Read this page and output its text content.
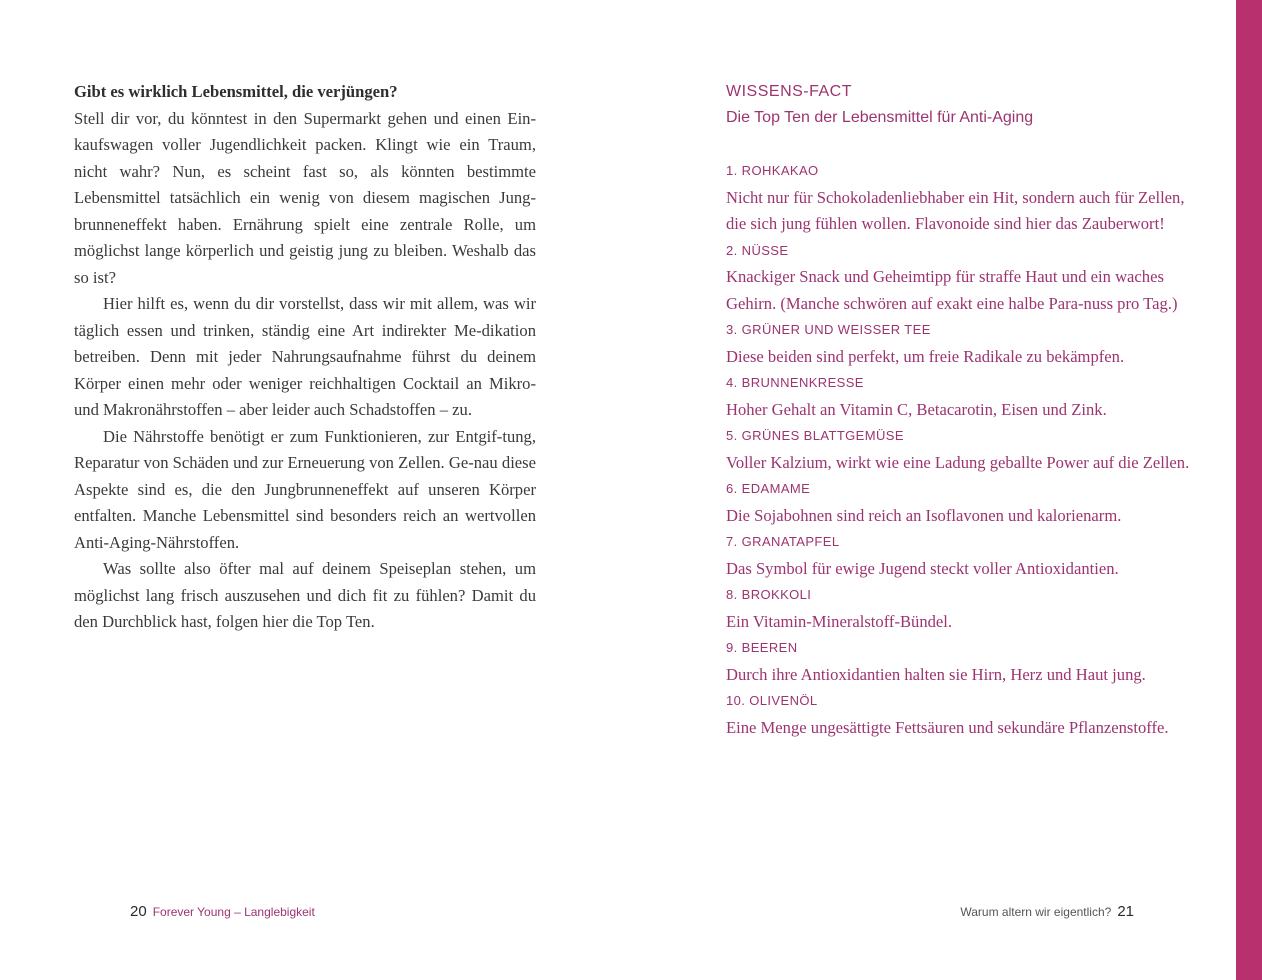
Gibt es wirklich Lebensmittel, die verjüngen?

Stell dir vor, du könntest in den Supermarkt gehen und einen Ein-kaufswagen voller Jugendlichkeit packen. Klingt wie ein Traum, nicht wahr? Nun, es scheint fast so, als könnten bestimmte Lebensmittel tatsächlich ein wenig von diesem magischen Jung-brunneneffekt haben. Ernährung spielt eine zentrale Rolle, um möglichst lange körperlich und geistig jung zu bleiben. Weshalb das so ist?

Hier hilft es, wenn du dir vorstellst, dass wir mit allem, was wir täglich essen und trinken, ständig eine Art indirekter Me-dikation betreiben. Denn mit jeder Nahrungsaufnahme führst du deinem Körper einen mehr oder weniger reichhaltigen Cocktail an Mikro- und Makronährstoffen – aber leider auch Schadstoffen – zu.

Die Nährstoffe benötigt er zum Funktionieren, zur Entgif-tung, Reparatur von Schäden und zur Erneuerung von Zellen. Ge-nau diese Aspekte sind es, die den Jungbrunneneffekt auf unseren Körper entfalten. Manche Lebensmittel sind besonders reich an wertvollen Anti-Aging-Nährstoffen.

Was sollte also öfter mal auf deinem Speiseplan stehen, um möglichst lang frisch auszusehen und dich fit zu fühlen? Damit du den Durchblick hast, folgen hier die Top Ten.

WISSENS-FACT
Die Top Ten der Lebensmittel für Anti-Aging
1. ROHKAKAO
Nicht nur für Schokoladenliebhaber ein Hit, sondern auch für Zellen, die sich jung fühlen wollen. Flavonoide sind hier das Zauberwort!
2. NÜSSE
Knackiger Snack und Geheimtipp für straffe Haut und ein waches Gehirn. (Manche schwören auf exakt eine halbe Para-nuss pro Tag.)
3. GRÜNER UND WEISSER TEE
Diese beiden sind perfekt, um freie Radikale zu bekämpfen.
4. BRUNNENKRESSE
Hoher Gehalt an Vitamin C, Betacarotin, Eisen und Zink.
5. GRÜNES BLATTGEMÜSE
Voller Kalzium, wirkt wie eine Ladung geballte Power auf die Zellen.
6. EDAMAME
Die Sojabohnen sind reich an Isoflavonen und kalorienarm.
7. GRANATAPFEL
Das Symbol für ewige Jugend steckt voller Antioxidantien.
8. BROKKOLI
Ein Vitamin-Mineralstoff-Bündel.
9. BEEREN
Durch ihre Antioxidantien halten sie Hirn, Herz und Haut jung.
10. OLIVENÖL
Eine Menge ungesättigte Fettsäuren und sekundäre Pflanzenstoffe.
20 Forever Young – Langlebigkeit	Warum altern wir eigentlich? 21
